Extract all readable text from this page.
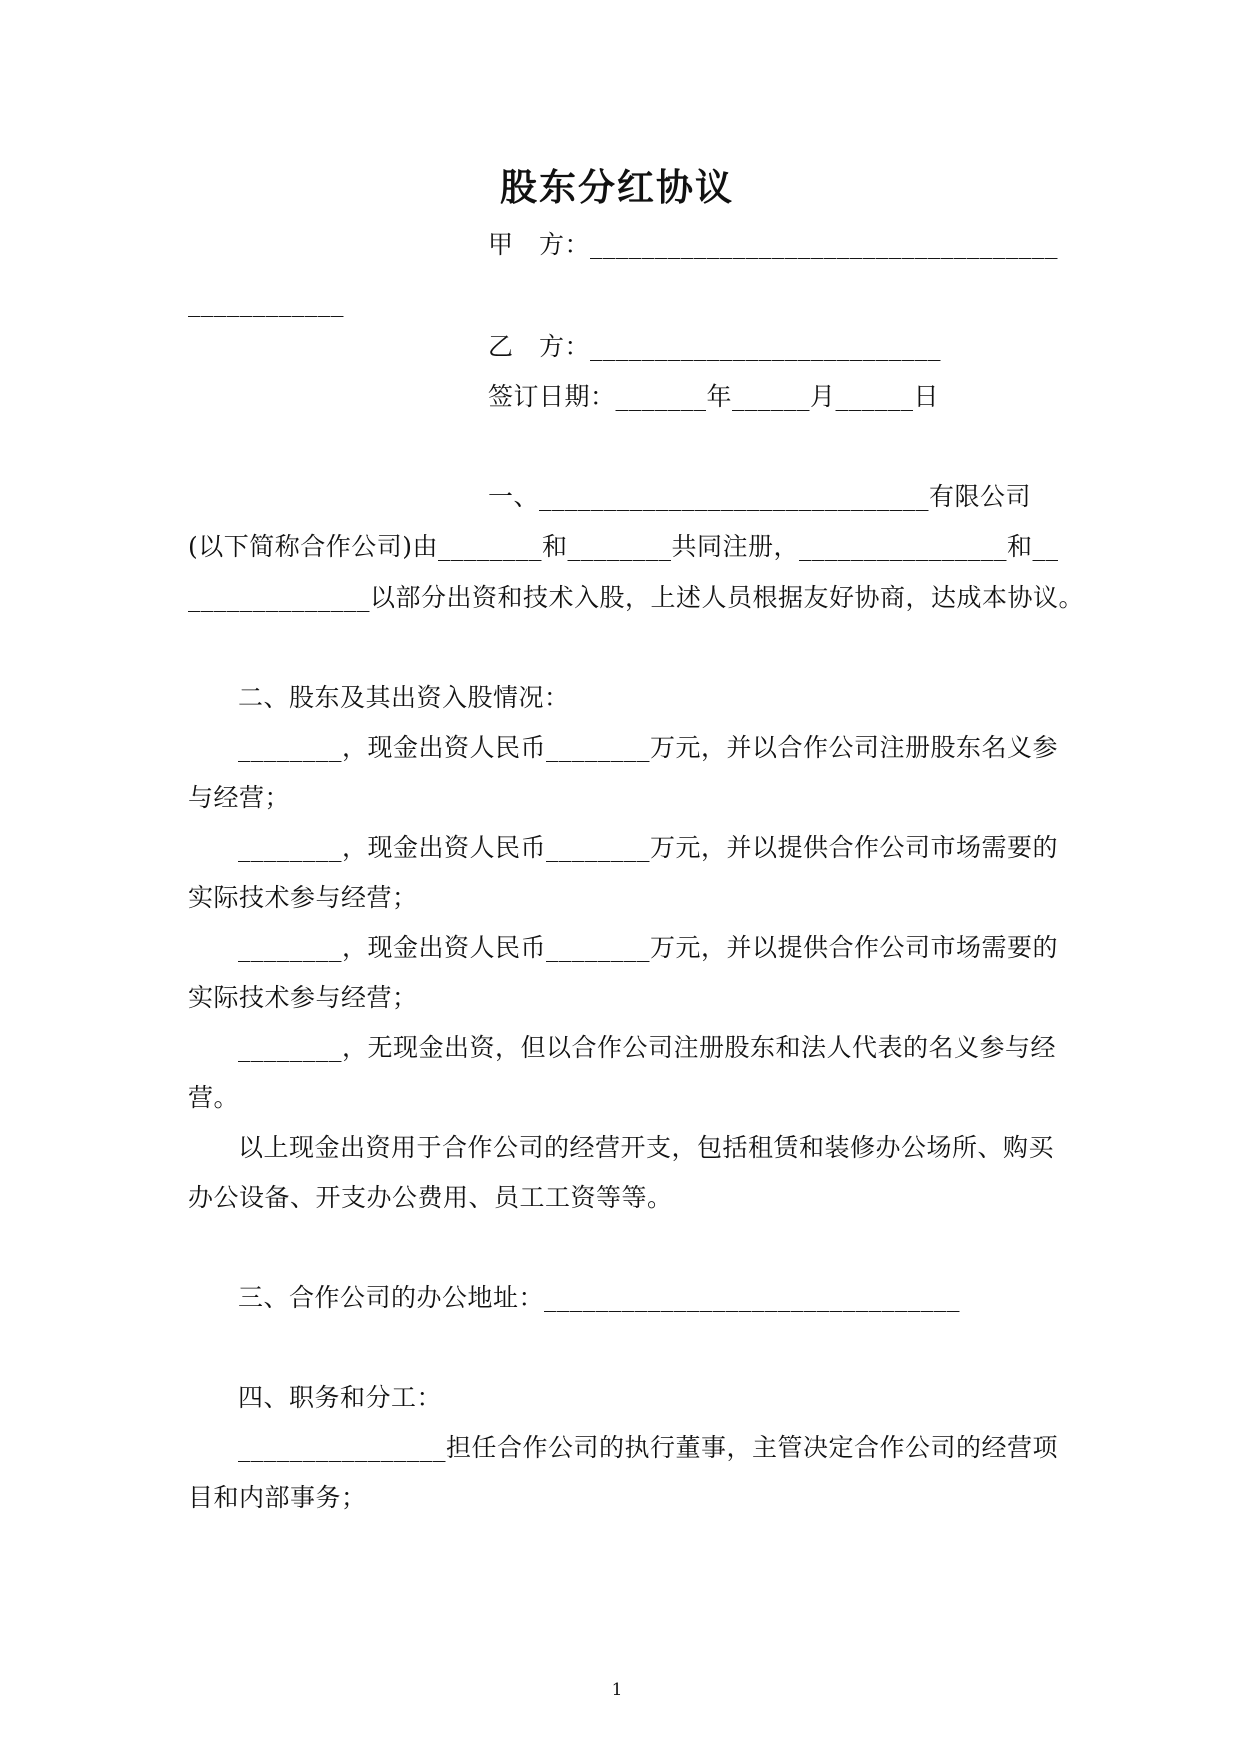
股东分红协议
甲　方：____________________________________
____________
乙　方：___________________________
签订日期：_______年______月______日
一、______________________________有限公司
(以下简称合作公司)由________和________共同注册，________________和__
______________以部分出资和技术入股，上述人员根据友好协商，达成本协议。
二、股东及其出资入股情况：
________，现金出资人民币________万元，并以合作公司注册股东名义参
与经营；
________，现金出资人民币________万元，并以提供合作公司市场需要的
实际技术参与经营；
________，现金出资人民币________万元，并以提供合作公司市场需要的
实际技术参与经营；
________，无现金出资，但以合作公司注册股东和法人代表的名义参与经
营。
以上现金出资用于合作公司的经营开支，包括租赁和装修办公场所、购买
办公设备、开支办公费用、员工工资等等。
三、合作公司的办公地址：________________________________
四、职务和分工：
________________担任合作公司的执行董事，主管决定合作公司的经营项
目和内部事务；
1
